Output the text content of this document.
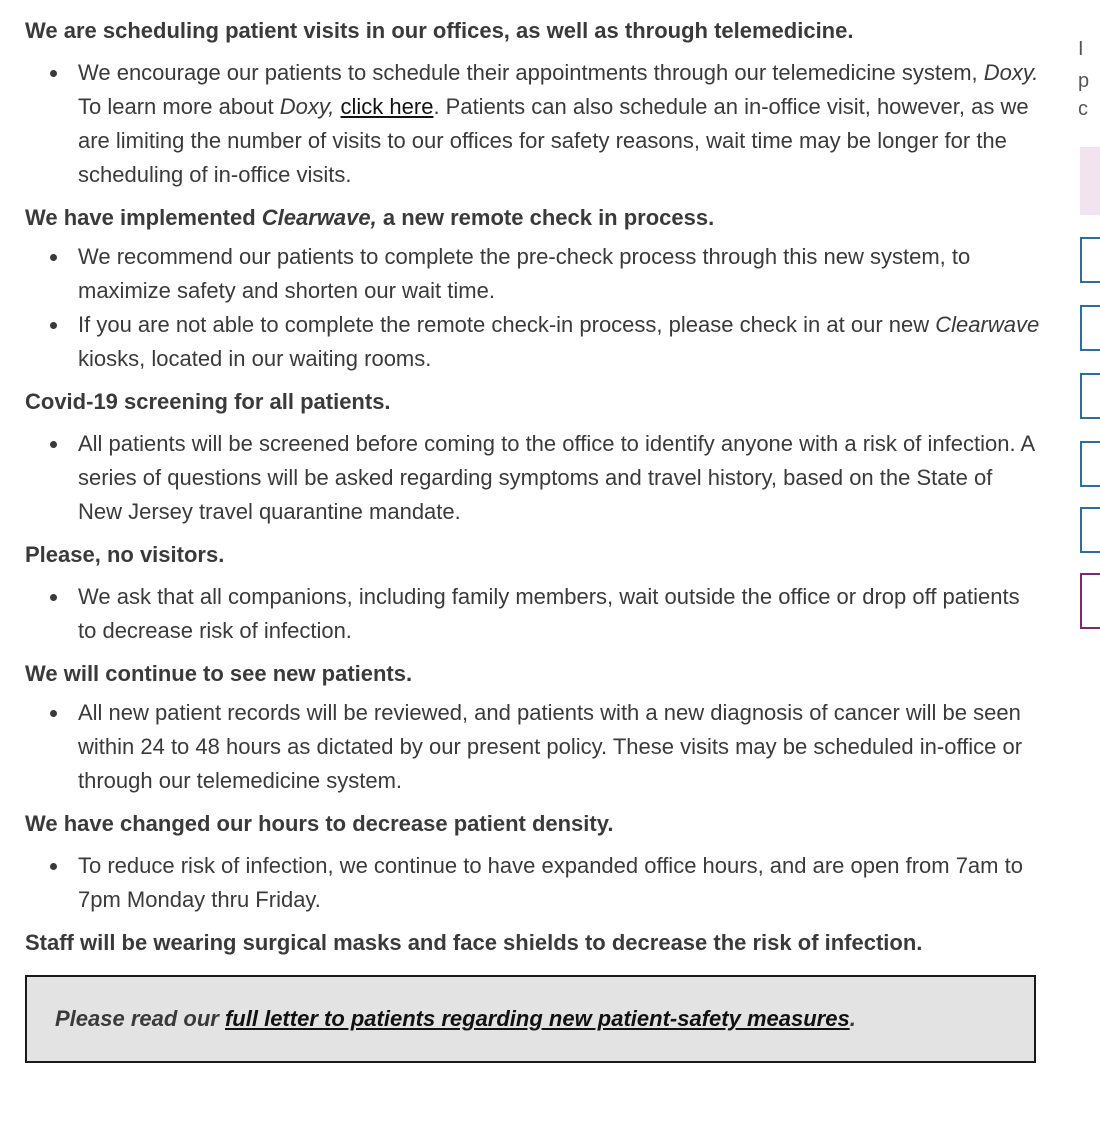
We are scheduling patient visits in our offices, as well as through telemedicine.

We encourage our patients to schedule their appointments through our telemedicine system, Doxy. To learn more about Doxy, click here. Patients can also schedule an in-office visit, however, as we are limiting the number of visits to our offices for safety reasons, wait time may be longer for the scheduling of in-office visits.

We have implemented Clearwave, a new remote check in process.

We recommend our patients to complete the pre-check process through this new system, to maximize safety and shorten our wait time.
If you are not able to complete the remote check-in process, please check in at our new Clearwave kiosks, located in our waiting rooms.

Covid-19 screening for all patients.

All patients will be screened before coming to the office to identify anyone with a risk of infection. A series of questions will be asked regarding symptoms and travel history, based on the State of New Jersey travel quarantine mandate.

Please, no visitors.

We ask that all companions, including family members, wait outside the office or drop off patients to decrease risk of infection.

We will continue to see new patients.

All new patient records will be reviewed, and patients with a new diagnosis of cancer will be seen within 24 to 48 hours as dictated by our present policy. These visits may be scheduled in-office or through our telemedicine system.

We have changed our hours to decrease patient density.

To reduce risk of infection, we continue to have expanded office hours, and are open from 7am to 7pm Monday thru Friday.

Staff will be wearing surgical masks and face shields to decrease the risk of infection.

Please read our full letter to patients regarding new patient-safety measures.
I
p
c
